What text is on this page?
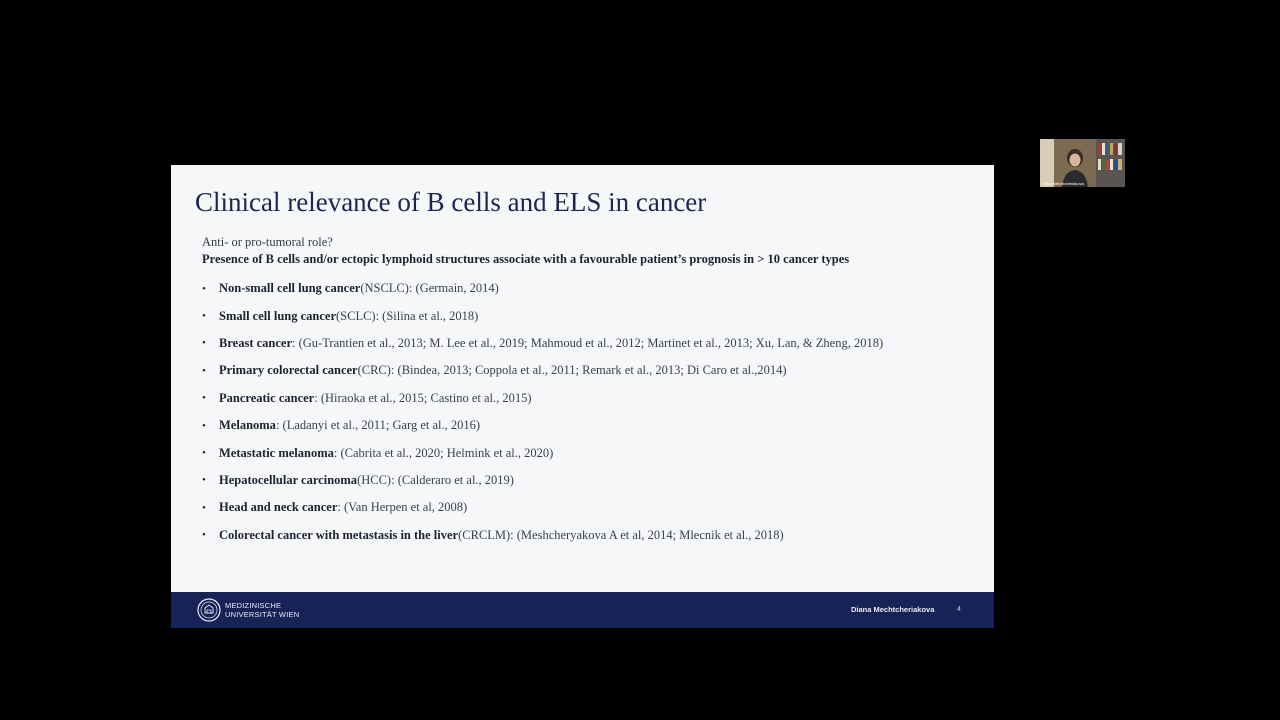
Clinical relevance of B cells and ELS in cancer
Anti- or pro-tumoral role?
Presence of B cells and/or ectopic lymphoid structures associate with a favourable patient’s prognosis in > 10 cancer types
•	Non-small cell lung cancer (NSCLC): (Germain, 2014)
•	Small cell lung cancer (SCLC): (Silina et al., 2018)
•	Breast cancer : (Gu-Trantien et al., 2013; M. Lee et al., 2019; Mahmoud et al., 2012; Martinet et al., 2013; Xu, Lan, & Zheng, 2018)
•	Primary colorectal cancer (CRC): (Bindea, 2013; Coppola et al., 2011; Remark et al., 2013; Di Caro et al.,2014)
•	Pancreatic cancer : (Hiraoka et al., 2015; Castino et al., 2015)
•	Melanoma : (Ladanyi et al., 2011; Garg et al., 2016)
•	Metastatic melanoma : (Cabrita et al., 2020; Helmink et al., 2020)
•	Hepatocellular carcinoma (HCC): (Calderaro et al., 2019)
•	Head and neck cancer : (Van Herpen et al, 2008)
•	Colorectal cancer with metastasis in the liver (CRCLM): (Meshcheryakova A et al, 2014; Mlecnik et al., 2018)
MEDIZINISCHE
UNIVERSITÄT WIEN
Diana Mechtcheriakova	4
Diana Mechtcheriakova
